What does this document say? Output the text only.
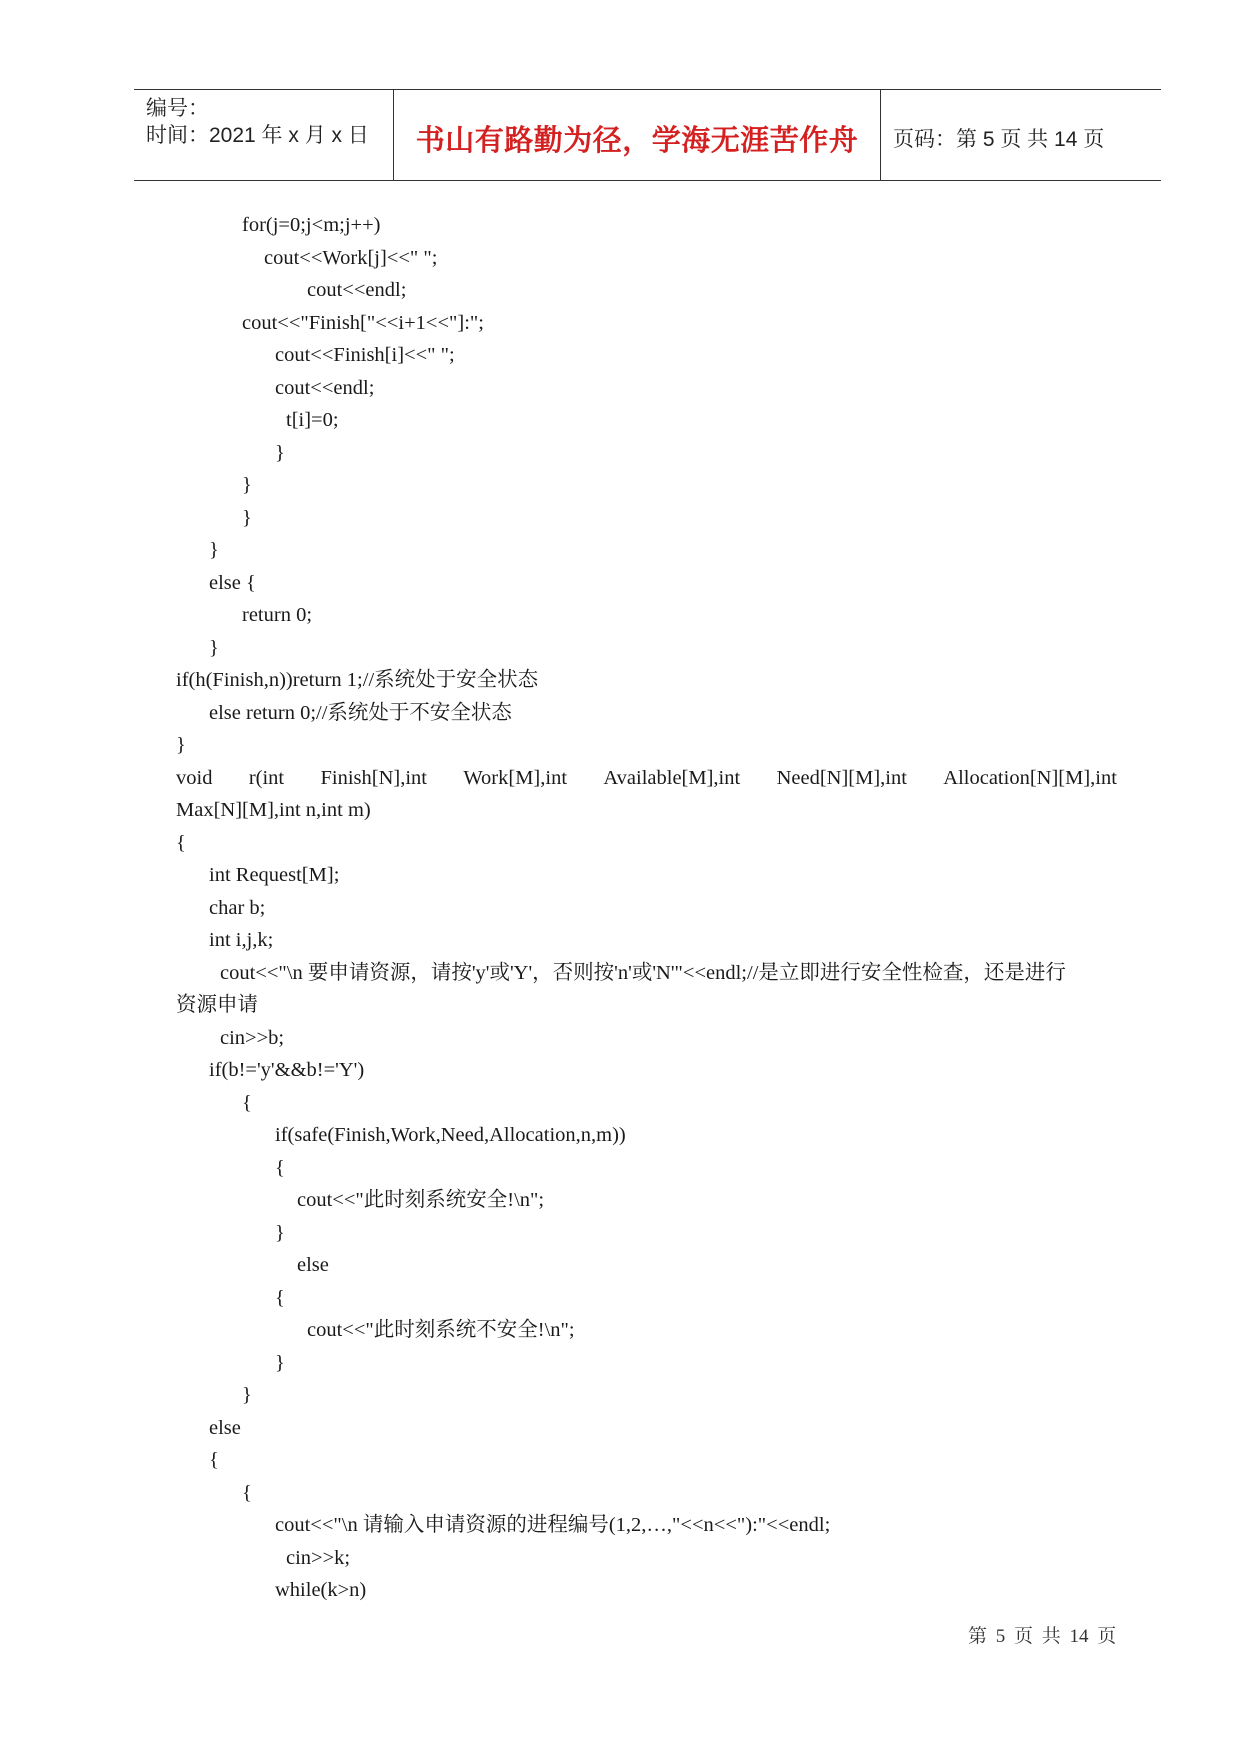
编号：
时间：2021 年 x 月 x 日	书山有路勤为径，学海无涯苦作舟	页码：第 5 页 共 14 页
for(j=0;j<m;j++)
cout<<Work[j]<<" ";
cout<<endl;
cout<<"Finish["<<i+1<<"]:";
cout<<Finish[i]<<" ";
cout<<endl;
t[i]=0;
}
}
}
}
else {
return 0;
}
if(h(Finish,n))return 1;//系统处于安全状态
else return 0;//系统处于不安全状态
}
void r(int Finish[N],int Work[M],int Available[M],int Need[N][M],int Allocation[N][M],int
Max[N][M],int n,int m)
{
int Request[M];
char b;
int i,j,k;
cout<<"\n 要申请资源，请按'y'或'Y'，否则按'n'或'N'"<<endl;//是立即进行安全性检查，还是进行
资源申请
cin>>b;
if(b!='y'&&b!='Y')
{
if(safe(Finish,Work,Need,Allocation,n,m))
{
cout<<"此时刻系统安全!\n";
}
else
{
cout<<"此时刻系统不安全!\n";
}
}
else
{
{
cout<<"\n 请输入申请资源的进程编号(1,2,…,"<<n<<"):"<<endl;
cin>>k;
while(k>n)
第 5 页 共 14 页
